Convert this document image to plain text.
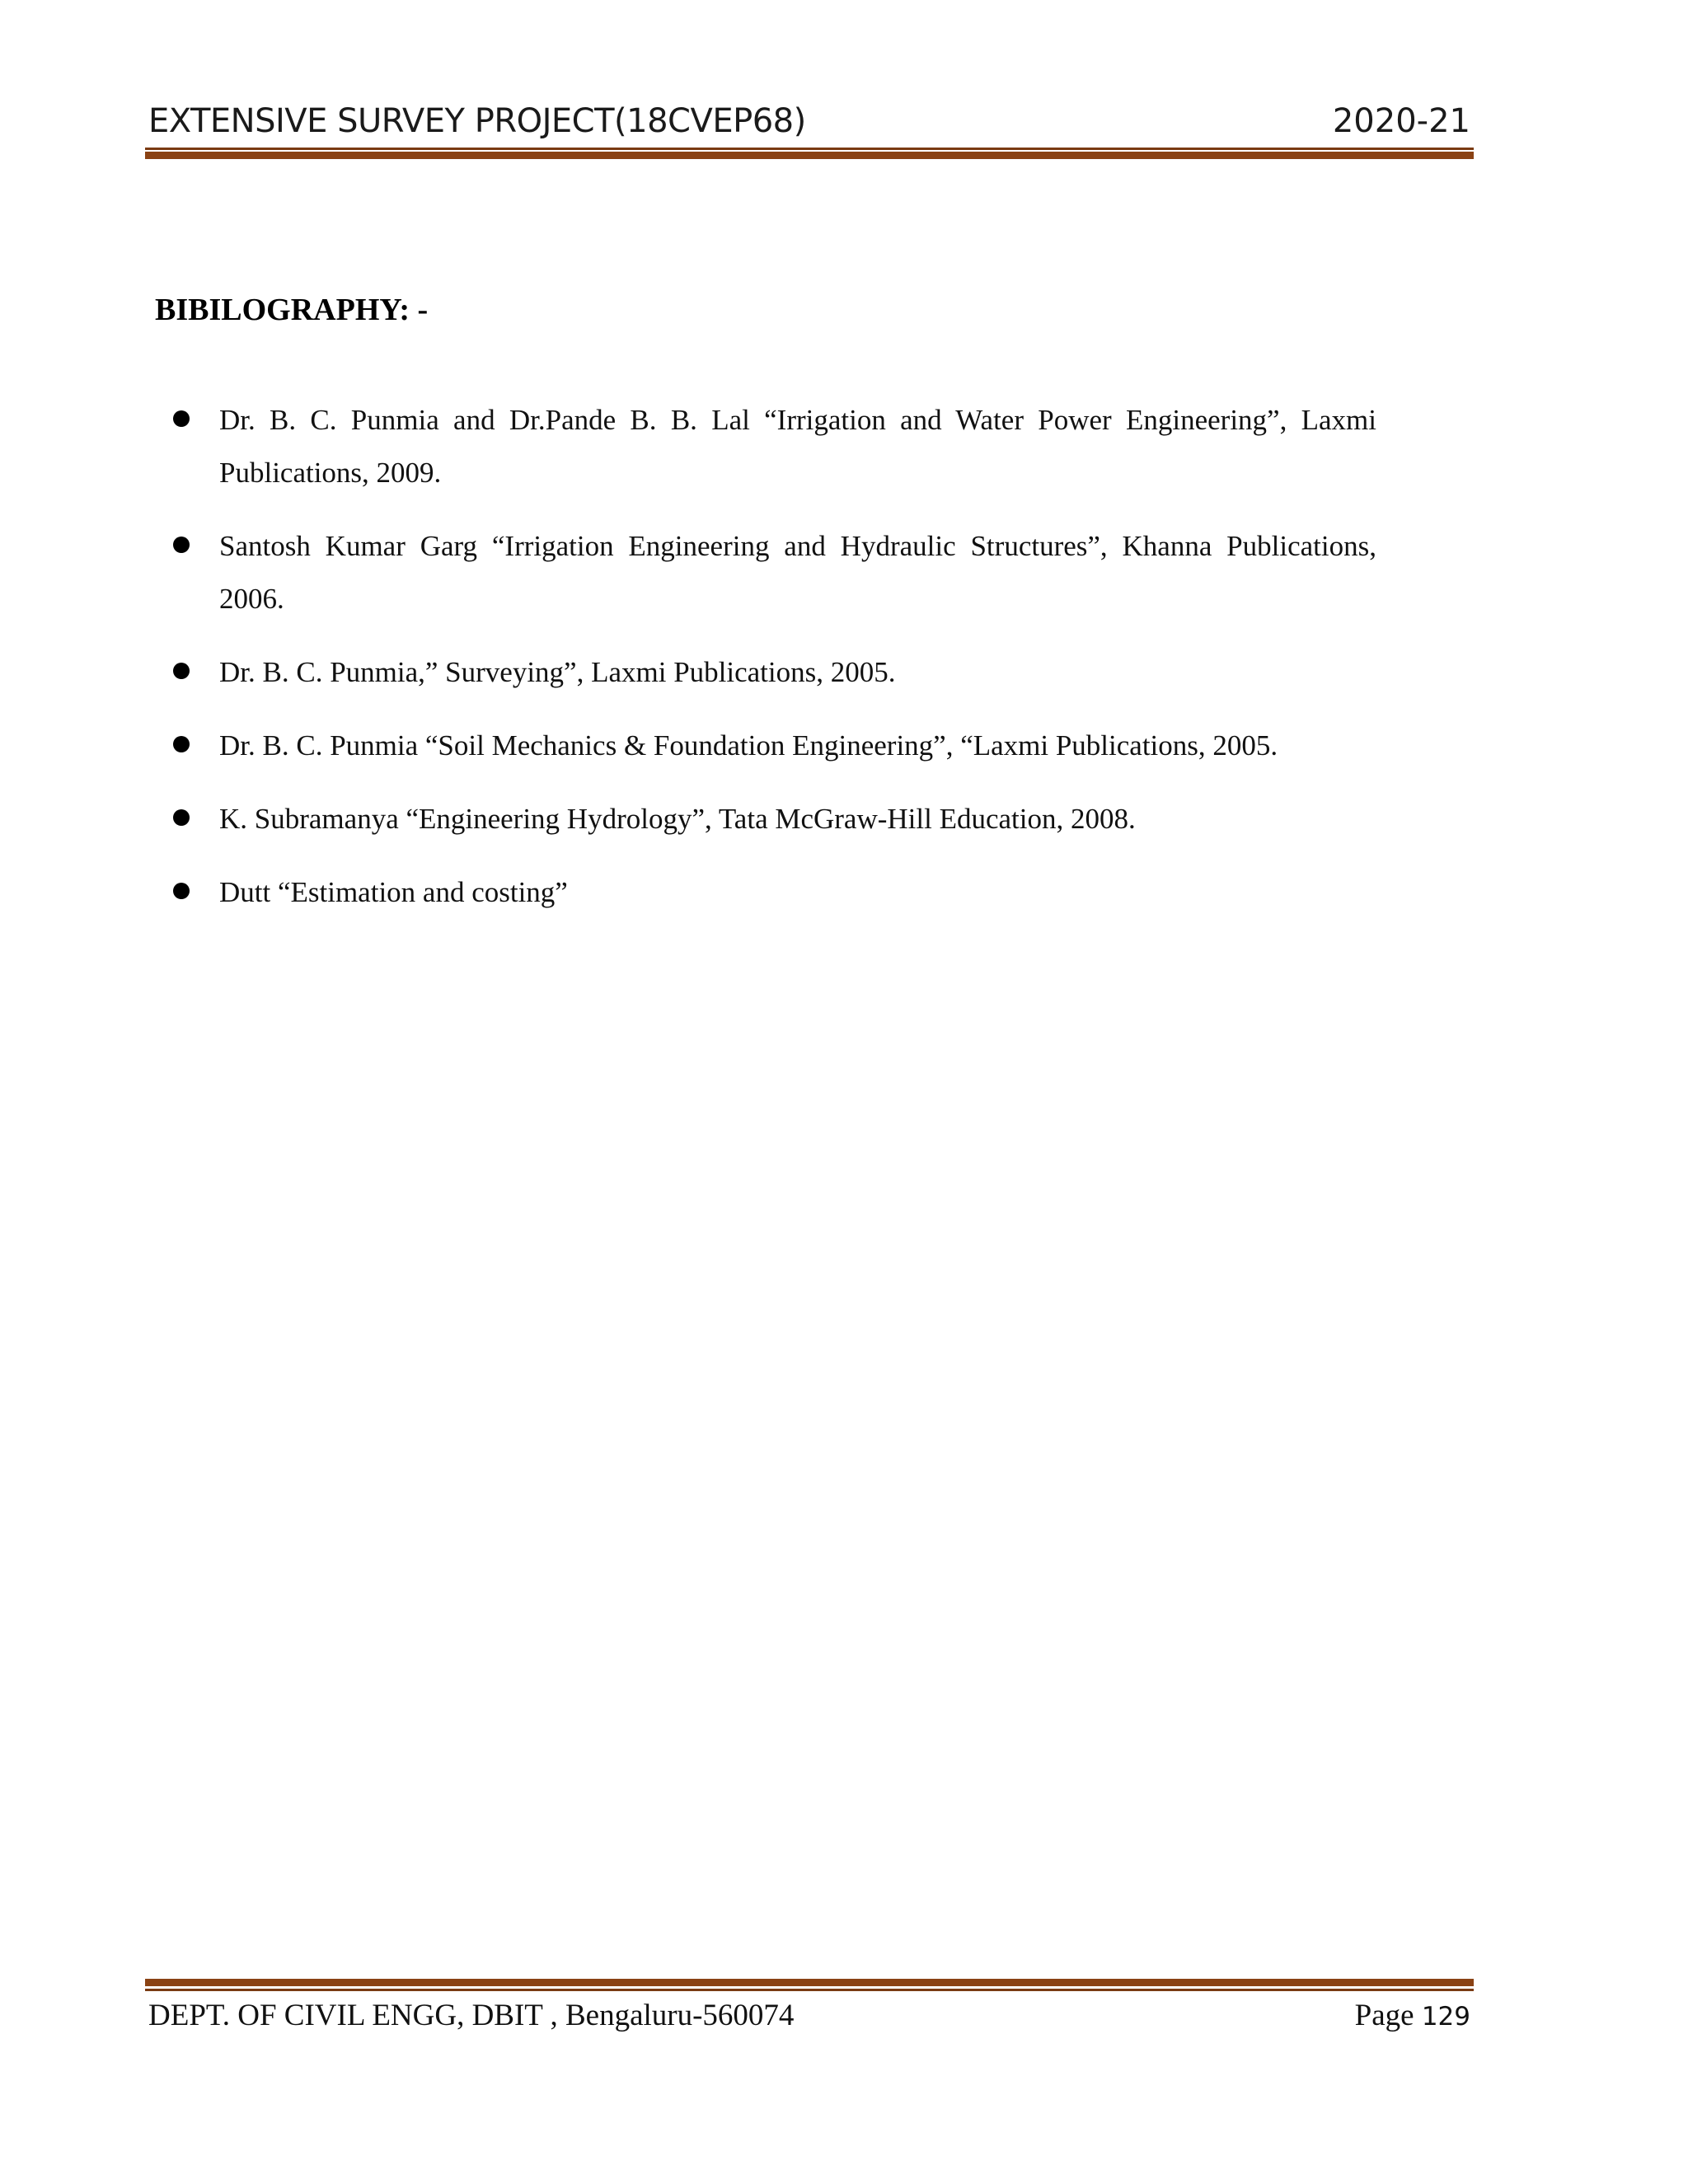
EXTENSIVE SURVEY PROJECT(18CVEP68)	2020-21
BIBILOGRAPHY: -
Dr. B. C. Punmia and Dr.Pande B. B. Lal “Irrigation and Water Power Engineering”, Laxmi Publications, 2009.
Santosh Kumar Garg “Irrigation Engineering and Hydraulic Structures”, Khanna Publications, 2006.
Dr. B. C. Punmia,” Surveying”, Laxmi Publications, 2005.
Dr. B. C. Punmia “Soil Mechanics & Foundation Engineering”, “Laxmi Publications, 2005.
K. Subramanya “Engineering Hydrology”, Tata McGraw-Hill Education, 2008.
Dutt “Estimation and costing”
DEPT. OF CIVIL ENGG, DBIT , Bengaluru-560074	Page 129
